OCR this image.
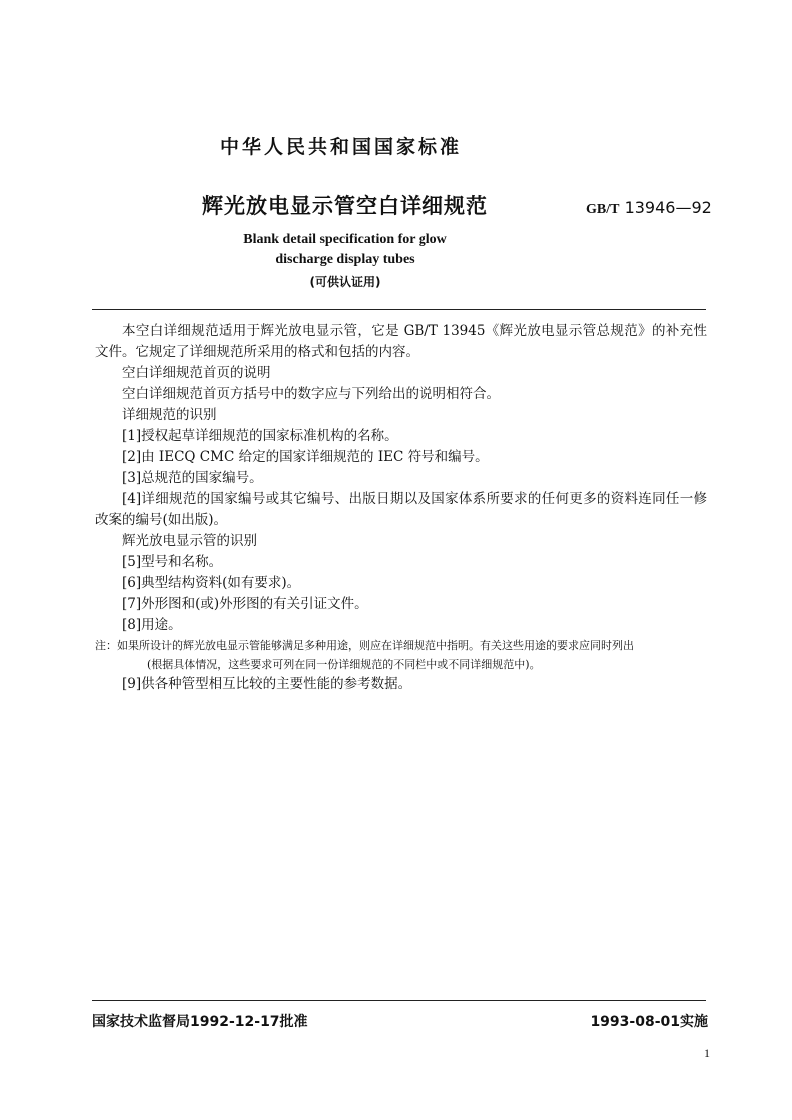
中华人民共和国国家标准
辉光放电显示管空白详细规范	GB/T 13946—92
Blank detail specification for glow
discharge display tubes
(可供认证用)

本空白详细规范适用于辉光放电显示管，它是 GB/T 13945《辉光放电显示管总规范》的补充性文件。它规定了详细规范所采用的格式和包括的内容。

空白详细规范首页的说明

空白详细规范首页方括号中的数字应与下列给出的说明相符合。

详细规范的识别

[1]授权起草详细规范的国家标准机构的名称。

[2]由 IECQ CMC 给定的国家详细规范的 IEC 符号和编号。

[3]总规范的国家编号。

[4]详细规范的国家编号或其它编号、出版日期以及国家体系所要求的任何更多的资料连同任一修改案的编号(如出版)。

辉光放电显示管的识别

[5]型号和名称。

[6]典型结构资料(如有要求)。

[7]外形图和(或)外形图的有关引证文件。

[8]用途。

注：如果所设计的辉光放电显示管能够满足多种用途，则应在详细规范中指明。有关这些用途的要求应同时列出

(根据具体情况，这些要求可列在同一份详细规范的不同栏中或不同详细规范中)。

[9]供各种管型相互比较的主要性能的参考数据。

国家技术监督局1992-12-17批准	1993-08-01实施
1
